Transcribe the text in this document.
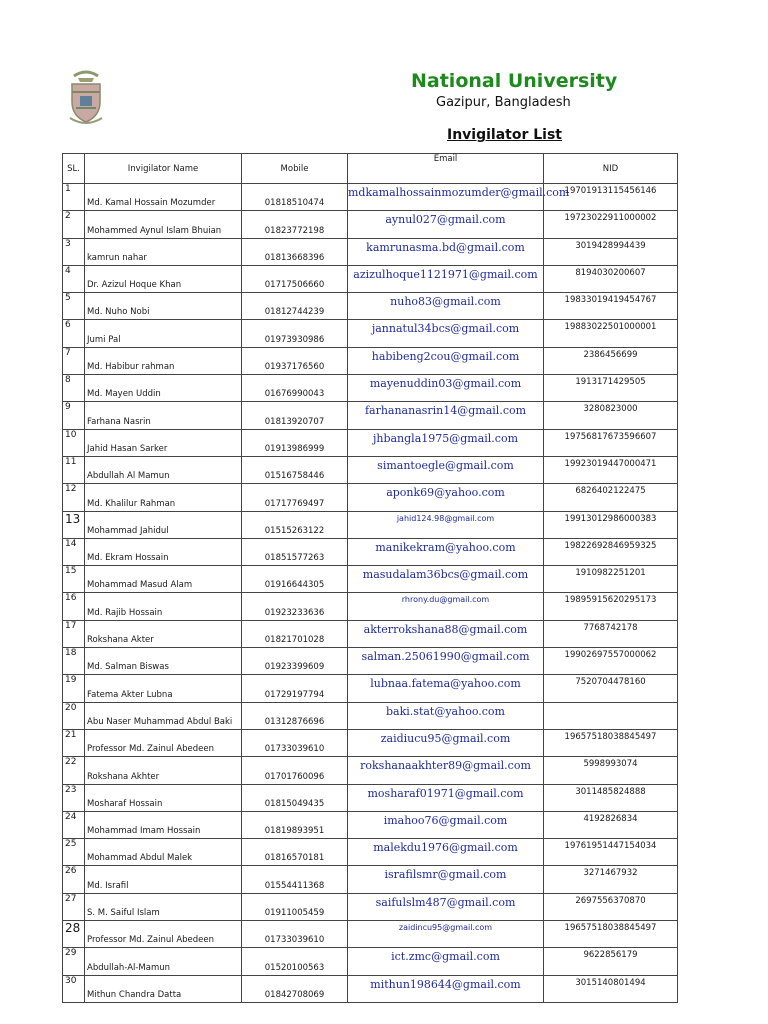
National University
Gazipur, Bangladesh
Invigilator List
SL.	Invigilator Name	Mobile	Email	NID
1	Md. Kamal Hossain Mozumder	01818510474	mdkamalhossainmozumder@gmail.com	19701913115456146
2	Mohammed Aynul Islam Bhuian	01823772198	aynul027@gmail.com	19723022911000002
3	kamrun nahar	01813668396	kamrunasma.bd@gmail.com	3019428994439
4	Dr. Azizul Hoque Khan	01717506660	azizulhoque1121971@gmail.com	8194030200607
5	Md. Nuho Nobi	01812744239	nuho83@gmail.com	19833019419454767
6	Jumi Pal	01973930986	jannatul34bcs@gmail.com	19883022501000001
7	Md. Habibur rahman	01937176560	habibeng2cou@gmail.com	2386456699
8	Md. Mayen Uddin	01676990043	mayenuddin03@gmail.com	1913171429505
9	Farhana Nasrin	01813920707	farhananasrin14@gmail.com	3280823000
10	Jahid Hasan Sarker	01913986999	jhbangla1975@gmail.com	19756817673596607
11	Abdullah Al Mamun	01516758446	simantoegle@gmail.com	19923019447000471
12	Md. Khalilur Rahman	01717769497	aponk69@yahoo.com	6826402122475
13	Mohammad Jahidul	01515263122	jahid124.98@gmail.com	19913012986000383
14	Md. Ekram Hossain	01851577263	manikekram@yahoo.com	19822692846959325
15	Mohammad Masud Alam	01916644305	masudalam36bcs@gmail.com	1910982251201
16	Md. Rajib Hossain	01923233636	rhrony.du@gmail.com	19895915620295173
17	Rokshana Akter	01821701028	akterrokshana88@gmail.com	7768742178
18	Md. Salman Biswas	01923399609	salman.25061990@gmail.com	19902697557000062
19	Fatema Akter Lubna	01729197794	lubnaa.fatema@yahoo.com	7520704478160
20	Abu Naser Muhammad Abdul Baki	01312876696	baki.stat@yahoo.com	
21	Professor Md. Zainul Abedeen	01733039610	zaidiucu95@gmail.com	19657518038845497
22	Rokshana Akhter	01701760096	rokshanaakhter89@gmail.com	5998993074
23	Mosharaf Hossain	01815049435	mosharaf01971@gmail.com	3011485824888
24	Mohammad Imam Hossain	01819893951	imahoo76@gmail.com	4192826834
25	Mohammad Abdul Malek	01816570181	malekdu1976@gmail.com	19761951447154034
26	Md. Israfil	01554411368	israfilsmr@gmail.com	3271467932
27	S. M. Saiful Islam	01911005459	saifulslm487@gmail.com	2697556370870
28	Professor Md. Zainul Abedeen	01733039610	zaidincu95@gmail.com	19657518038845497
29	Abdullah-Al-Mamun	01520100563	ict.zmc@gmail.com	9622856179
30	Mithun Chandra Datta	01842708069	mithun198644@gmail.com	3015140801494
